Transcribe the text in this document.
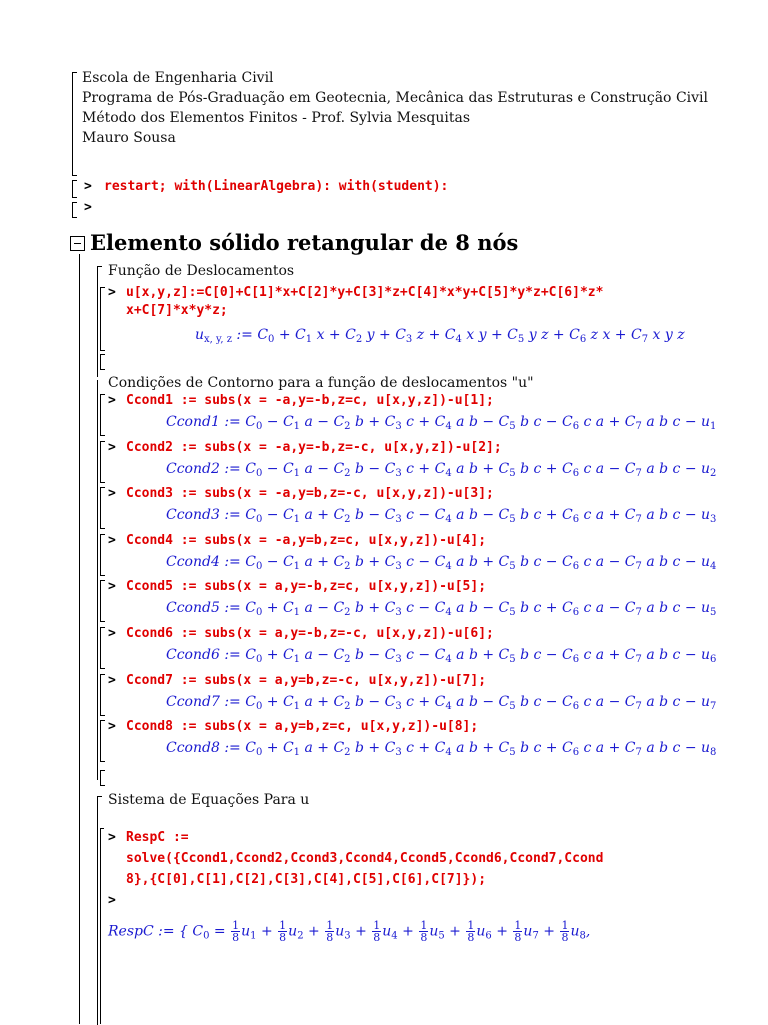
Escola de Engenharia Civil
Programa de Pós-Graduação em Geotecnia, Mecânica das Estruturas e Construção Civil
Método dos Elementos Finitos - Prof. Sylvia Mesquitas
Mauro Sousa
> restart; with(LinearAlgebra): with(student):
>
Elemento sólido retangular de 8 nós
Função de Deslocamentos
> u[x,y,z]:=C[0]+C[1]*x+C[2]*y+C[3]*z+C[4]*x*y+C[5]*y*z+C[6]*z*
x+C[7]*x*y*z;
$u_{x, y, z}$ := $C_0 + C_1$ $x + C_2$ $y + C_3$ $z + C_4$ x $y + C_5$ y $z + C_6$ z $x + C_7$ x y z
Condições de Contorno para a função de deslocamentos "u"
> Ccond1 := subs(x = -a,y=-b,z=c, u[x,y,z])-u[1];
Ccond1 := $C_0 - C_1$ $a - C_2$ $b + C_3$ $c + C_4$ a $b - C_5$ b $c - C_6$ c $a + C_7$ a b $c - u_1$
> Ccond2 := subs(x = -a,y=-b,z=-c, u[x,y,z])-u[2];
Ccond2 := $C_0 - C_1$ $a - C_2$ $b - C_3$ $c + C_4$ a $b + C_5$ b $c + C_6$ c $a - C_7$ a b $c - u_2$
> Ccond3 := subs(x = -a,y=b,z=-c, u[x,y,z])-u[3];
Ccond3 := $C_0 - C_1$ $a + C_2$ $b - C_3$ $c - C_4$ a $b - C_5$ b $c + C_6$ c $a + C_7$ a b $c - u_3$
> Ccond4 := subs(x = -a,y=b,z=c, u[x,y,z])-u[4];
Ccond4 := $C_0 - C_1$ $a + C_2$ $b + C_3$ $c - C_4$ a $b + C_5$ b $c - C_6$ c $a - C_7$ a b $c - u_4$
> Ccond5 := subs(x = a,y=-b,z=c, u[x,y,z])-u[5];
Ccond5 := $C_0 + C_1$ $a - C_2$ $b + C_3$ $c - C_4$ a $b - C_5$ b $c + C_6$ c $a - C_7$ a b $c - u_5$
> Ccond6 := subs(x = a,y=-b,z=-c, u[x,y,z])-u[6];
Ccond6 := $C_0 + C_1$ $a - C_2$ $b - C_3$ $c - C_4$ a $b + C_5$ b $c - C_6$ c $a + C_7$ a b $c - u_6$
> Ccond7 := subs(x = a,y=b,z=-c, u[x,y,z])-u[7];
Ccond7 := $C_0 + C_1$ $a + C_2$ $b - C_3$ $c + C_4$ a $b - C_5$ b $c - C_6$ c $a - C_7$ a b $c - u_7$
> Ccond8 := subs(x = a,y=b,z=c, u[x,y,z])-u[8];
Ccond8 := $C_0 + C_1$ $a + C_2$ $b + C_3$ $c + C_4$ a $b + C_5$ b $c + C_6$ c $a + C_7$ a b $c - u_8$
Sistema de Equações Para u
> RespC :=
solve({Ccond1,Ccond2,Ccond3,Ccond4,Ccond5,Ccond6,Ccond7,Ccond
8},{C[0],C[1],C[2],C[3],C[4],C[5],C[6],C[7]});
>
RespC := { $C_0 = \frac{1}{8} u_1 + \frac{1}{8} u_2 + \frac{1}{8} u_3 + \frac{1}{8} u_4 + \frac{1}{8} u_5 + \frac{1}{8} u_6 + \frac{1}{8} u_7 + \frac{1}{8} u_8$,
